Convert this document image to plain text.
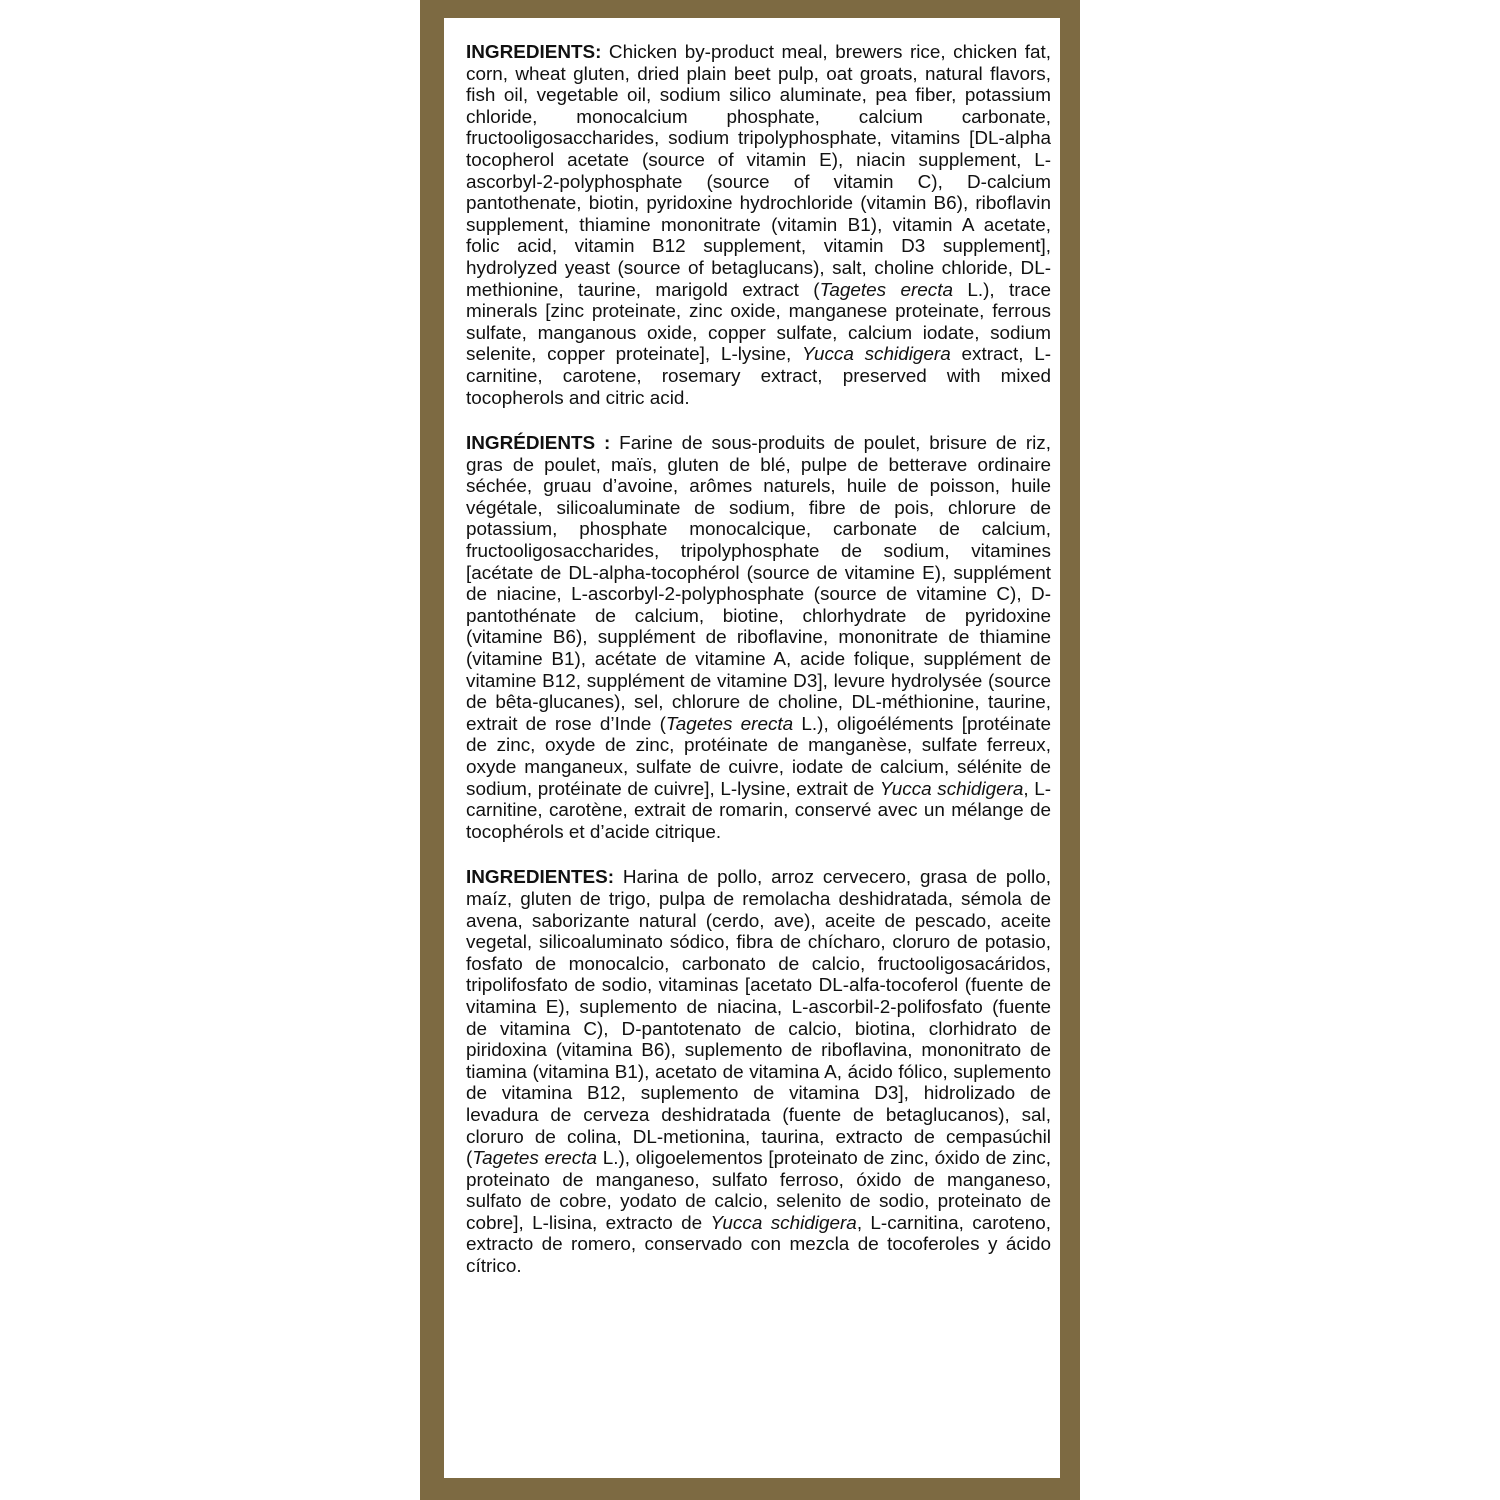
INGREDIENTS: Chicken by-product meal, brewers rice, chicken fat, corn, wheat gluten, dried plain beet pulp, oat groats, natural flavors, fish oil, vegetable oil, sodium silico aluminate, pea fiber, potassium chloride, monocalcium phosphate, calcium carbonate, fructooligosaccharides, sodium tripolyphosphate, vitamins [DL-alpha tocopherol acetate (source of vitamin E), niacin supplement, L-ascorbyl-2-polyphosphate (source of vitamin C), D-calcium pantothenate, biotin, pyridoxine hydrochloride (vitamin B6), riboflavin supplement, thiamine mononitrate (vitamin B1), vitamin A acetate, folic acid, vitamin B12 supplement, vitamin D3 supplement], hydrolyzed yeast (source of betaglucans), salt, choline chloride, DL-methionine, taurine, marigold extract (Tagetes erecta L.), trace minerals [zinc proteinate, zinc oxide, manganese proteinate, ferrous sulfate, manganous oxide, copper sulfate, calcium iodate, sodium selenite, copper proteinate], L-lysine, Yucca schidigera extract, L-carnitine, carotene, rosemary extract, preserved with mixed tocopherols and citric acid.

INGRÉDIENTS : Farine de sous-produits de poulet, brisure de riz, gras de poulet, maïs, gluten de blé, pulpe de betterave ordinaire séchée, gruau d’avoine, arômes naturels, huile de poisson, huile végétale, silicoaluminate de sodium, fibre de pois, chlorure de potassium, phosphate monocalcique, carbonate de calcium, fructooligosaccharides, tripolyphosphate de sodium, vitamines [acétate de DL-alpha-tocophérol (source de vitamine E), supplément de niacine, L-ascorbyl-2-polyphosphate (source de vitamine C), D-pantothénate de calcium, biotine, chlorhydrate de pyridoxine (vitamine B6), supplément de riboflavine, mononitrate de thiamine (vitamine B1), acétate de vitamine A, acide folique, supplément de vitamine B12, supplément de vitamine D3], levure hydrolysée (source de bêta-glucanes), sel, chlorure de choline, DL-méthionine, taurine, extrait de rose d’Inde (Tagetes erecta L.), oligoéléments [protéinate de zinc, oxyde de zinc, protéinate de manganèse, sulfate ferreux, oxyde manganeux, sulfate de cuivre, iodate de calcium, sélénite de sodium, protéinate de cuivre], L-lysine, extrait de Yucca schidigera, L-carnitine, carotène, extrait de romarin, conservé avec un mélange de tocophérols et d’acide citrique.

INGREDIENTES: Harina de pollo, arroz cervecero, grasa de pollo, maíz, gluten de trigo, pulpa de remolacha deshidratada, sémola de avena, saborizante natural (cerdo, ave), aceite de pescado, aceite vegetal, silicoaluminato sódico, fibra de chícharo, cloruro de potasio, fosfato de monocalcio, carbonato de calcio, fructooligosacáridos, tripolifosfato de sodio, vitaminas [acetato DL-alfa-tocoferol (fuente de vitamina E), suplemento de niacina, L-ascorbil-2-polifosfato (fuente de vitamina C), D-pantotenato de calcio, biotina, clorhidrato de piridoxina (vitamina B6), suplemento de riboflavina, mononitrato de tiamina (vitamina B1), acetato de vitamina A, ácido fólico, suplemento de vitamina B12, suplemento de vitamina D3], hidrolizado de levadura de cerveza deshidratada (fuente de betaglucanos), sal, cloruro de colina, DL-metionina, taurina, extracto de cempasúchil (Tagetes erecta L.), oligoelementos [proteinato de zinc, óxido de zinc, proteinato de manganeso, sulfato ferroso, óxido de manganeso, sulfato de cobre, yodato de calcio, selenito de sodio, proteinato de cobre], L-lisina, extracto de Yucca schidigera, L-carnitina, caroteno, extracto de romero, conservado con mezcla de tocoferoles y ácido cítrico.
